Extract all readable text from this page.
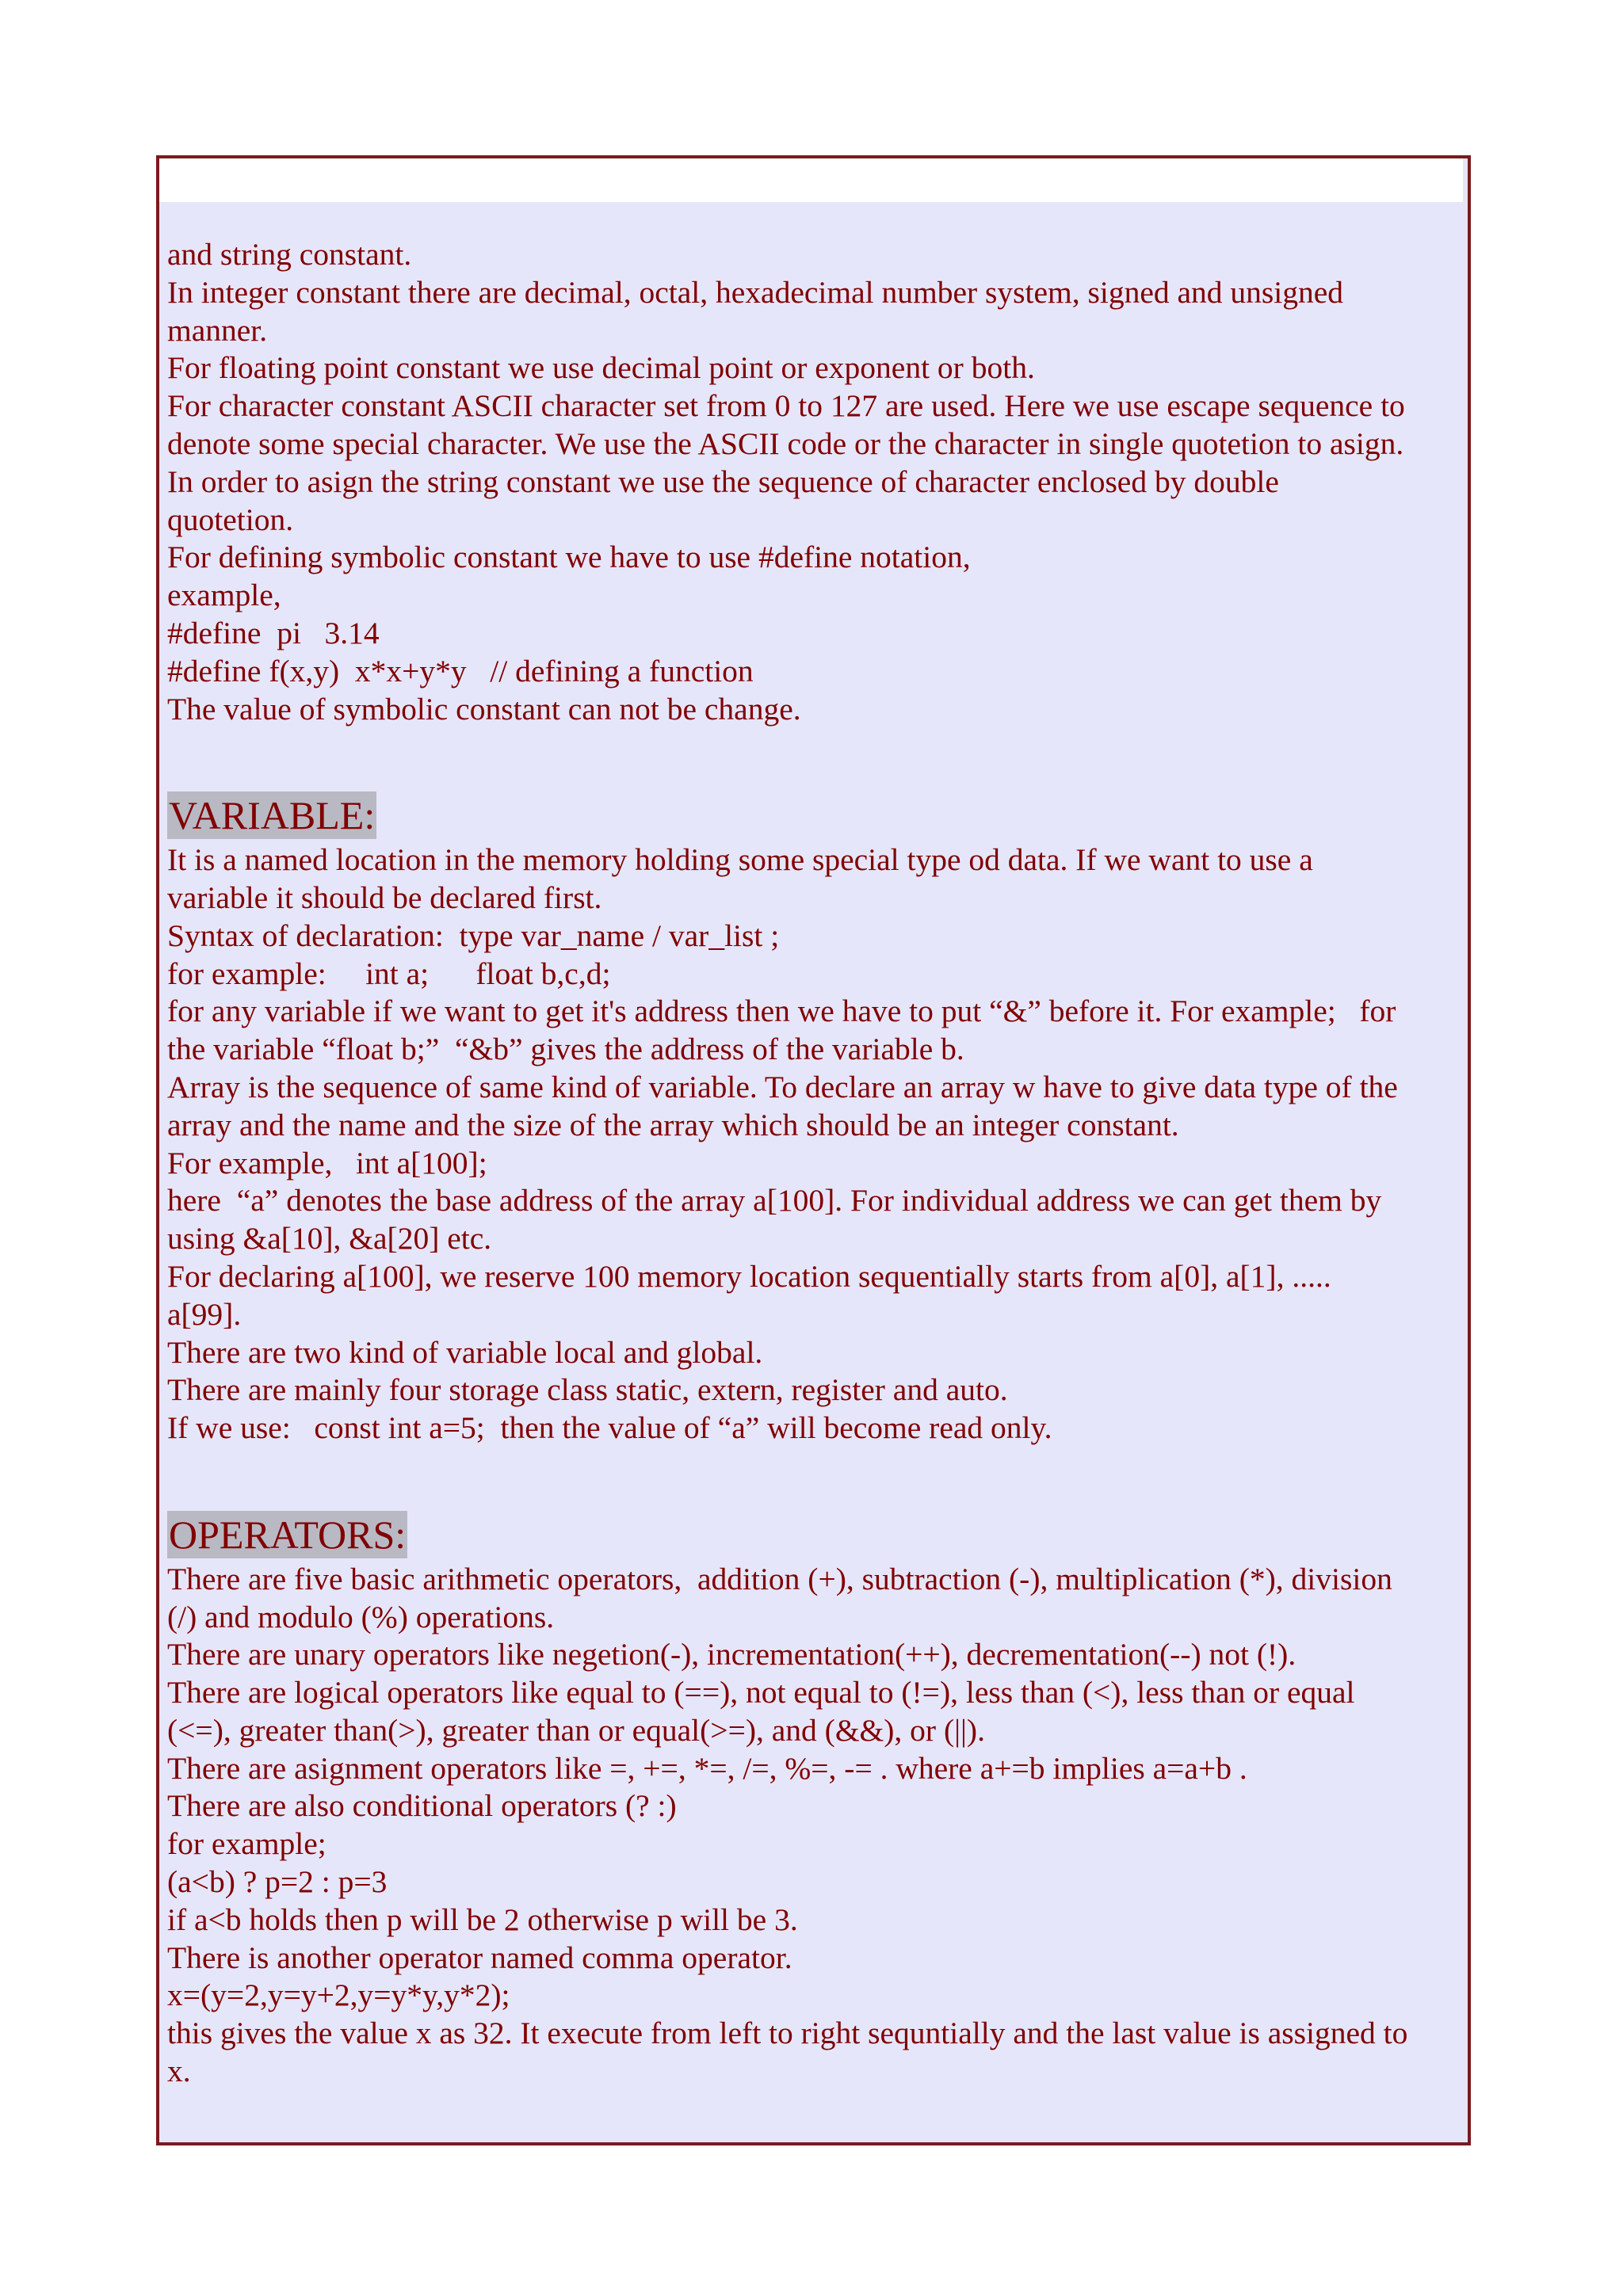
and string constant.
In integer constant there are decimal, octal, hexadecimal number system, signed and unsigned
manner.
For floating point constant we use decimal point or exponent or both.
For character constant ASCII character set from 0 to 127 are used. Here we use escape sequence to
denote some special character. We use the ASCII code or the character in single quotetion to asign.
In order to asign the string constant we use the sequence of character enclosed by double
quotetion.
For defining symbolic constant we have to use #define notation,
example,
#define  pi   3.14
#define f(x,y)  x*x+y*y   // defining a function
The value of symbolic constant can not be change.
VARIABLE:
It is a named location in the memory holding some special type od data. If we want to use a
variable it should be declared first.
Syntax of declaration:  type var_name / var_list ;
for example:     int a;      float b,c,d;
for any variable if we want to get it's address then we have to put “&” before it. For example;   for
the variable “float b;”  “&b” gives the address of the variable b.
Array is the sequence of same kind of variable. To declare an array w have to give data type of the
array and the name and the size of the array which should be an integer constant.
For example,   int a[100];
here  “a” denotes the base address of the array a[100]. For individual address we can get them by
using &a[10], &a[20] etc.
For declaring a[100], we reserve 100 memory location sequentially starts from a[0], a[1], .....
a[99].
There are two kind of variable local and global.
There are mainly four storage class static, extern, register and auto.
If we use:   const int a=5;  then the value of “a” will become read only.
OPERATORS:
There are five basic arithmetic operators,  addition (+), subtraction (-), multiplication (*), division
(/) and modulo (%) operations.
There are unary operators like negetion(-), incrementation(++), decrementation(--) not (!).
There are logical operators like equal to (==), not equal to (!=), less than (<), less than or equal
(<=), greater than(>), greater than or equal(>=), and (&&), or (||).
There are asignment operators like =, +=, *=, /=, %=, -= . where a+=b implies a=a+b .
There are also conditional operators (? :)
for example;
(a<b) ? p=2 : p=3
if a<b holds then p will be 2 otherwise p will be 3.
There is another operator named comma operator.
x=(y=2,y=y+2,y=y*y,y*2);
this gives the value x as 32. It execute from left to right sequntially and the last value is assigned to
x.
